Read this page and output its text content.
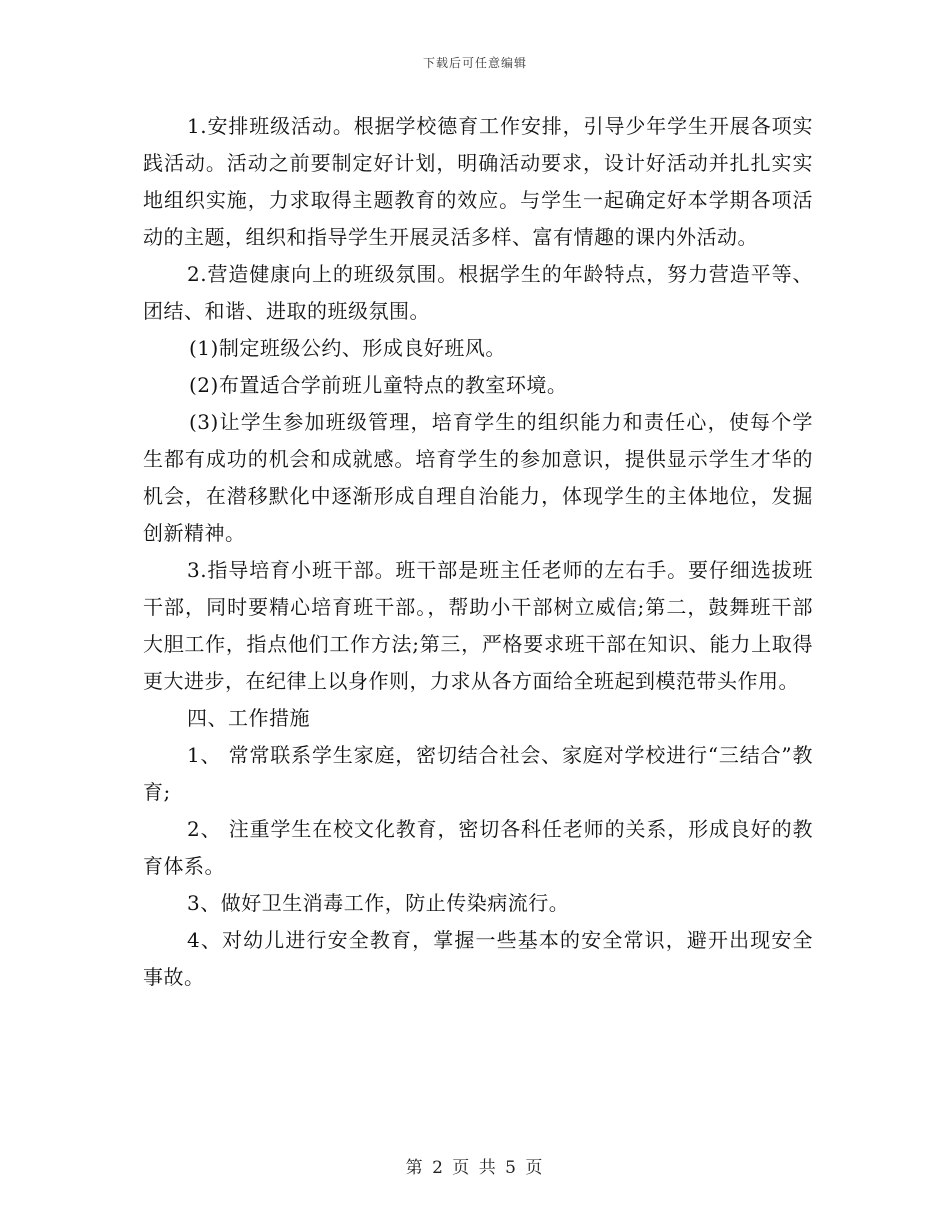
下载后可任意编辑

1.安排班级活动。根据学校德育工作安排，引导少年学生开展各项实践活动。活动之前要制定好计划，明确活动要求，设计好活动并扎扎实实地组织实施，力求取得主题教育的效应。与学生一起确定好本学期各项活动的主题，组织和指导学生开展灵活多样、富有情趣的课内外活动。

2.营造健康向上的班级氛围。根据学生的年龄特点，努力营造平等、团结、和谐、进取的班级氛围。

(1)制定班级公约、形成良好班风。

(2)布置适合学前班儿童特点的教室环境。

(3)让学生参加班级管理，培育学生的组织能力和责任心，使每个学生都有成功的机会和成就感。培育学生的参加意识，提供显示学生才华的机会，在潜移默化中逐渐形成自理自治能力，体现学生的主体地位，发掘创新精神。

3.指导培育小班干部。班干部是班主任老师的左右手。要仔细选拔班干部，同时要精心培育班干部。，帮助小干部树立威信;第二，鼓舞班干部大胆工作，指点他们工作方法;第三，严格要求班干部在知识、能力上取得更大进步，在纪律上以身作则，力求从各方面给全班起到模范带头作用。

四、工作措施

1、 常常联系学生家庭，密切结合社会、家庭对学校进行“三结合”教育;

2、 注重学生在校文化教育，密切各科任老师的关系，形成良好的教育体系。

3、做好卫生消毒工作，防止传染病流行。

4、对幼儿进行安全教育，掌握一些基本的安全常识，避开出现安全事故。

第 2 页 共 5 页
